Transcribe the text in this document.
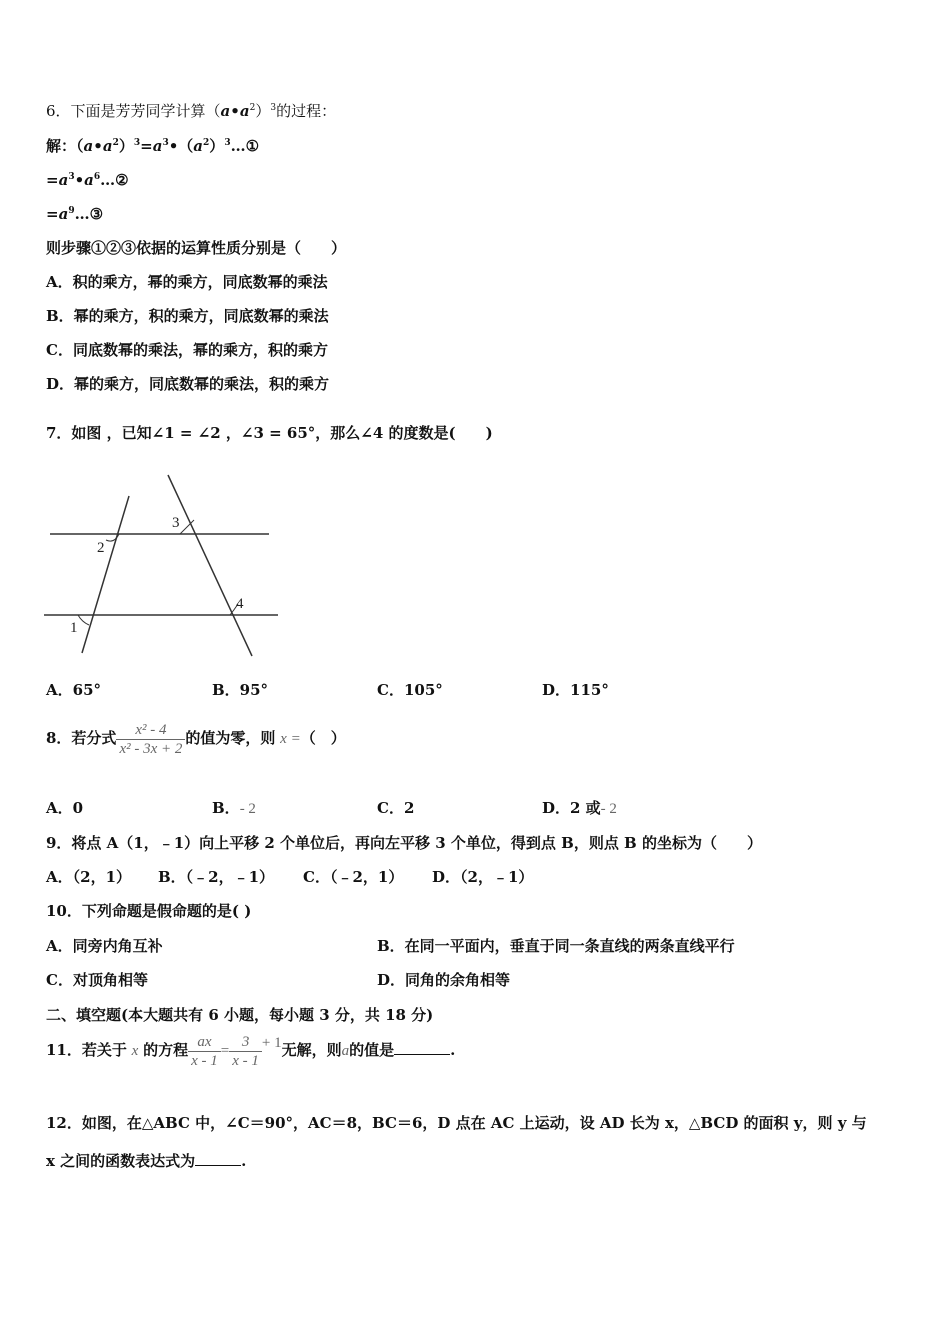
6．下面是芳芳同学计算$(a•a^2)^3$的过程：
解：$(a•a^2)^3=a^3•(a^2)^3\dots ①$
$=a^3•a^6\dots ②$
$=a^9\dots ③$
则步骤①②③依据的运算性质分别是（　　）
A．积的乘方，幂的乘方，同底数幂的乘法
B．幂的乘方，积的乘方，同底数幂的乘法
C．同底数幂的乘法，幂的乘方，积的乘方
D．幂的乘方，同底数幂的乘法，积的乘方
7．如图 ，已知∠1 = ∠2 ，∠3 = 65°，那么∠4 的度数是(　　)
1
2
3
4
A．65°	B．95°	C．105°	D．115°
8．若分式 $\frac{\text{x² - 4}}{\text{x² - 3x + 2}}$ 的值为零，则 x =（　）
A．0	B．- 2	C．2	D．2 或- 2
9．将点 A（1，﹣1）向上平移 2 个单位后，再向左平移 3 个单位，得到点 B，则点 B 的坐标为（　　）
A．（2，1） B．（﹣2，﹣1） C．（﹣2，1） D．（2，﹣1）
10．下列命题是假命题的是( )
A．同旁内角互补	B．在同一平面内，垂直于同一条直线的两条直线平行
C．对顶角相等	D．同角的余角相等
二、填空题(本大题共有 6 小题，每小题 3 分，共 18 分)
11．若关于 x 的方程 $\frac{ax}{x - 1} = \frac{3}{x - 1} + 1$无解，则a的值是	.
12．如图，在△ABC 中，∠C＝90°，AC＝8，BC＝6，D 点在 AC 上运动，设 AD 长为 x，△BCD 的面积 y，则 y 与
x 之间的函数表达式为	.
